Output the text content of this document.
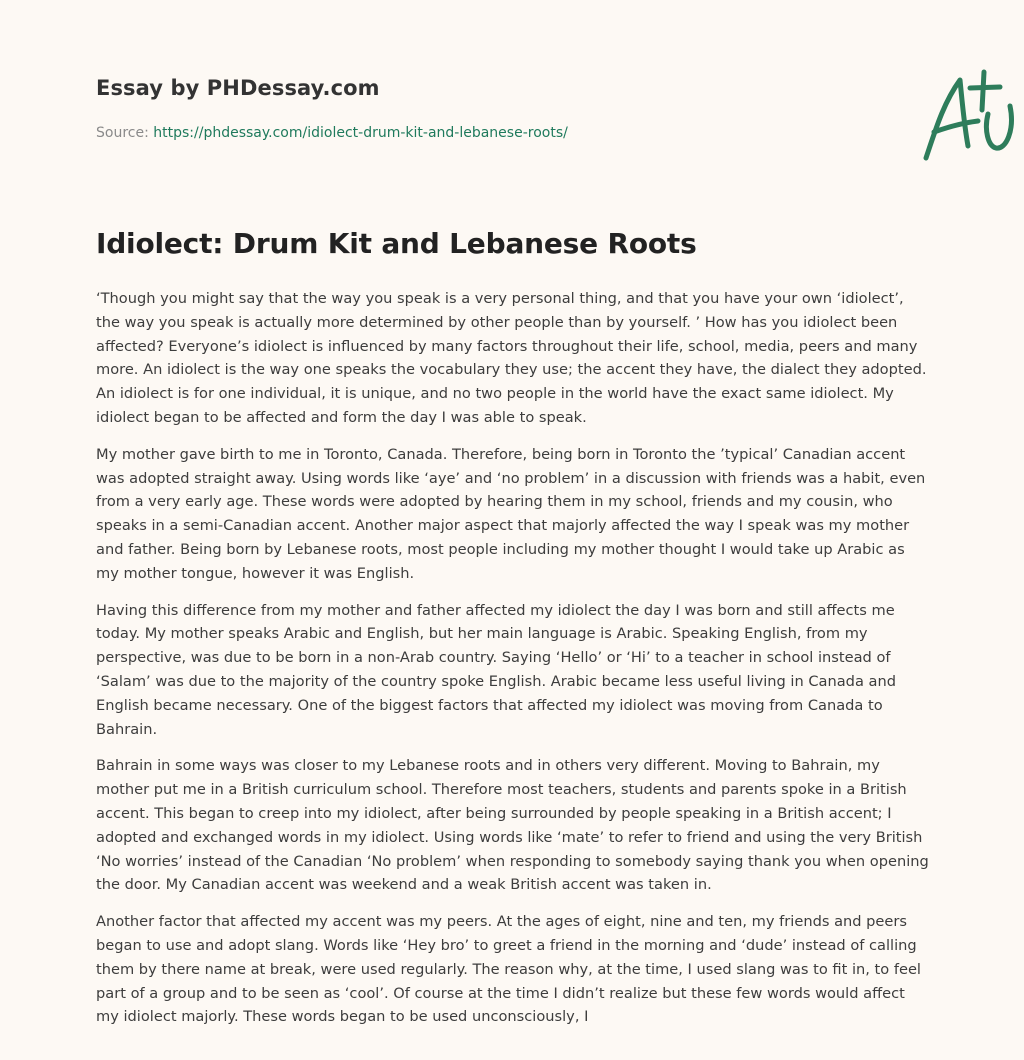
Essay by PHDessay.com
Source: https://phdessay.com/idiolect-drum-kit-and-lebanese-roots/
Idiolect: Drum Kit and Lebanese Roots

‘Though you might say that the way you speak is a very personal thing, and that you have your own ‘idiolect’, the way you speak is actually more determined by other people than by yourself. ’ How has you idiolect been affected? Everyone’s idiolect is influenced by many factors throughout their life, school, media, peers and many more. An idiolect is the way one speaks the vocabulary they use; the accent they have, the dialect they adopted. An idiolect is for one individual, it is unique, and no two people in the world have the exact same idiolect. My idiolect began to be affected and form the day I was able to speak.

My mother gave birth to me in Toronto, Canada. Therefore, being born in Toronto the ’typical’ Canadian accent was adopted straight away. Using words like ‘aye’ and ‘no problem’ in a discussion with friends was a habit, even from a very early age. These words were adopted by hearing them in my school, friends and my cousin, who speaks in a semi-Canadian accent. Another major aspect that majorly affected the way I speak was my mother and father. Being born by Lebanese roots, most people including my mother thought I would take up Arabic as my mother tongue, however it was English.

Having this difference from my mother and father affected my idiolect the day I was born and still affects me today. My mother speaks Arabic and English, but her main language is Arabic. Speaking English, from my perspective, was due to be born in a non-Arab country. Saying ‘Hello’ or ‘Hi’ to a teacher in school instead of ‘Salam’ was due to the majority of the country spoke English. Arabic became less useful living in Canada and English became necessary. One of the biggest factors that affected my idiolect was moving from Canada to Bahrain.

Bahrain in some ways was closer to my Lebanese roots and in others very different. Moving to Bahrain, my mother put me in a British curriculum school. Therefore most teachers, students and parents spoke in a British accent. This began to creep into my idiolect, after being surrounded by people speaking in a British accent; I adopted and exchanged words in my idiolect. Using words like ‘mate’ to refer to friend and using the very British ‘No worries’ instead of the Canadian ‘No problem’ when responding to somebody saying thank you when opening the door. My Canadian accent was weekend and a weak British accent was taken in.

Another factor that affected my accent was my peers. At the ages of eight, nine and ten, my friends and peers began to use and adopt slang. Words like ‘Hey bro’ to greet a friend in the morning and ‘dude’ instead of calling them by there name at break, were used regularly. The reason why, at the time, I used slang was to fit in, to feel part of a group and to be seen as ‘cool’. Of course at the time I didn’t realize but these few words would affect my idiolect majorly. These words began to be used unconsciously, I
